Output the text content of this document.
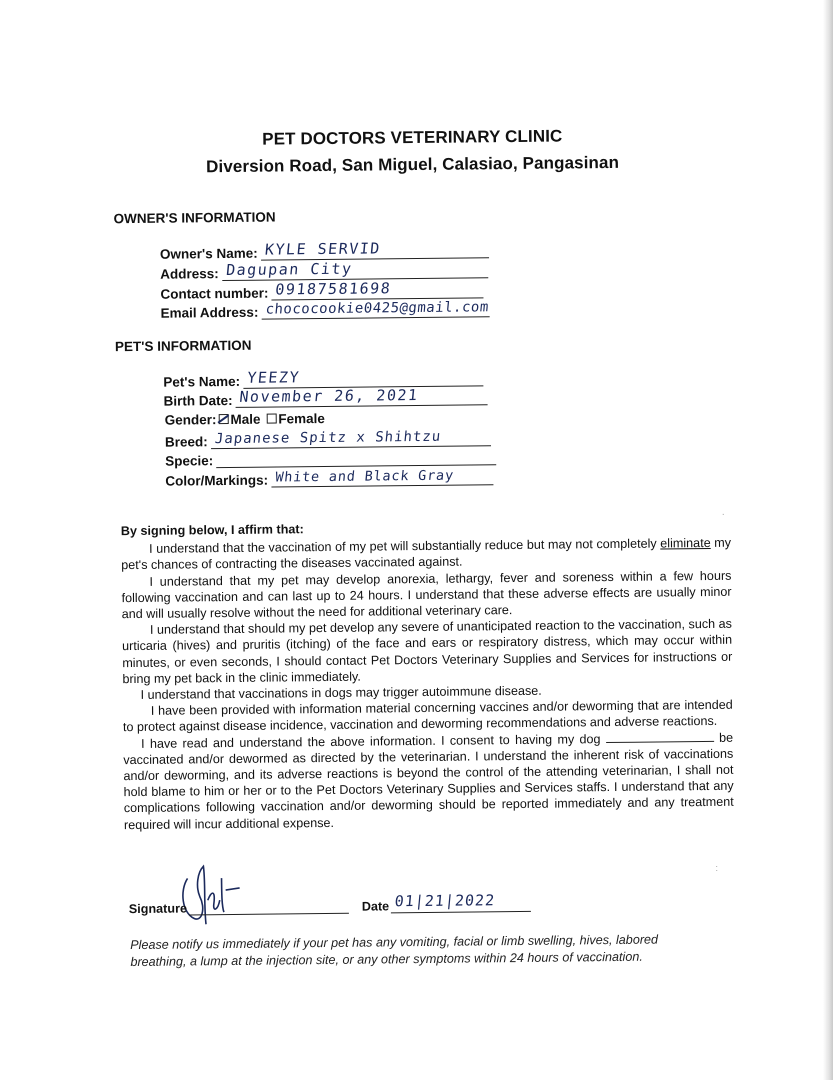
PET DOCTORS VETERINARY CLINIC
Diversion Road, San Miguel, Calasiao, Pangasinan
OWNER'S INFORMATION
Owner's Name: KYLE SERVID
Address: Dagupan City
Contact number: 09187581698
Email Address: chococookie0425@gmail.com
PET'S INFORMATION
Pet's Name: YEEZY
Birth Date: November 26, 2021
Gender: Male Female
Breed: Japanese Spitz x Shihtzu
Specie:
Color/Markings: White and Black Gray

By signing below, I affirm that:

I understand that the vaccination of my pet will substantially reduce but may not completely eliminate my pet's chances of contracting the diseases vaccinated against.

I understand that my pet may develop anorexia, lethargy, fever and soreness within a few hours following vaccination and can last up to 24 hours. I understand that these adverse effects are usually minor and will usually resolve without the need for additional veterinary care.

I understand that should my pet develop any severe of unanticipated reaction to the vaccination, such as urticaria (hives) and pruritis (itching) of the face and ears or respiratory distress, which may occur within minutes, or even seconds, I should contact Pet Doctors Veterinary Supplies and Services for instructions or bring my pet back in the clinic immediately.

I understand that vaccinations in dogs may trigger autoimmune disease.

I have been provided with information material concerning vaccines and/or deworming that are intended to protect against disease incidence, vaccination and deworming recommendations and adverse reactions.

I have read and understand the above information. I consent to having my dog	be vaccinated and/or dewormed as directed by the veterinarian. I understand the inherent risk of vaccinations and/or deworming, and its adverse reactions is beyond the control of the attending veterinarian, I shall not hold blame to him or her or to the Pet Doctors Veterinary Supplies and Services staffs. I understand that any complications following vaccination and/or deworming should be reported immediately and any treatment required will incur additional expense.

Signature	Date 01|21|2022
Please notify us immediately if your pet has any vomiting, facial or limb swelling, hives, labored breathing, a lump at the injection site, or any other symptoms within 24 hours of vaccination.
·
:
